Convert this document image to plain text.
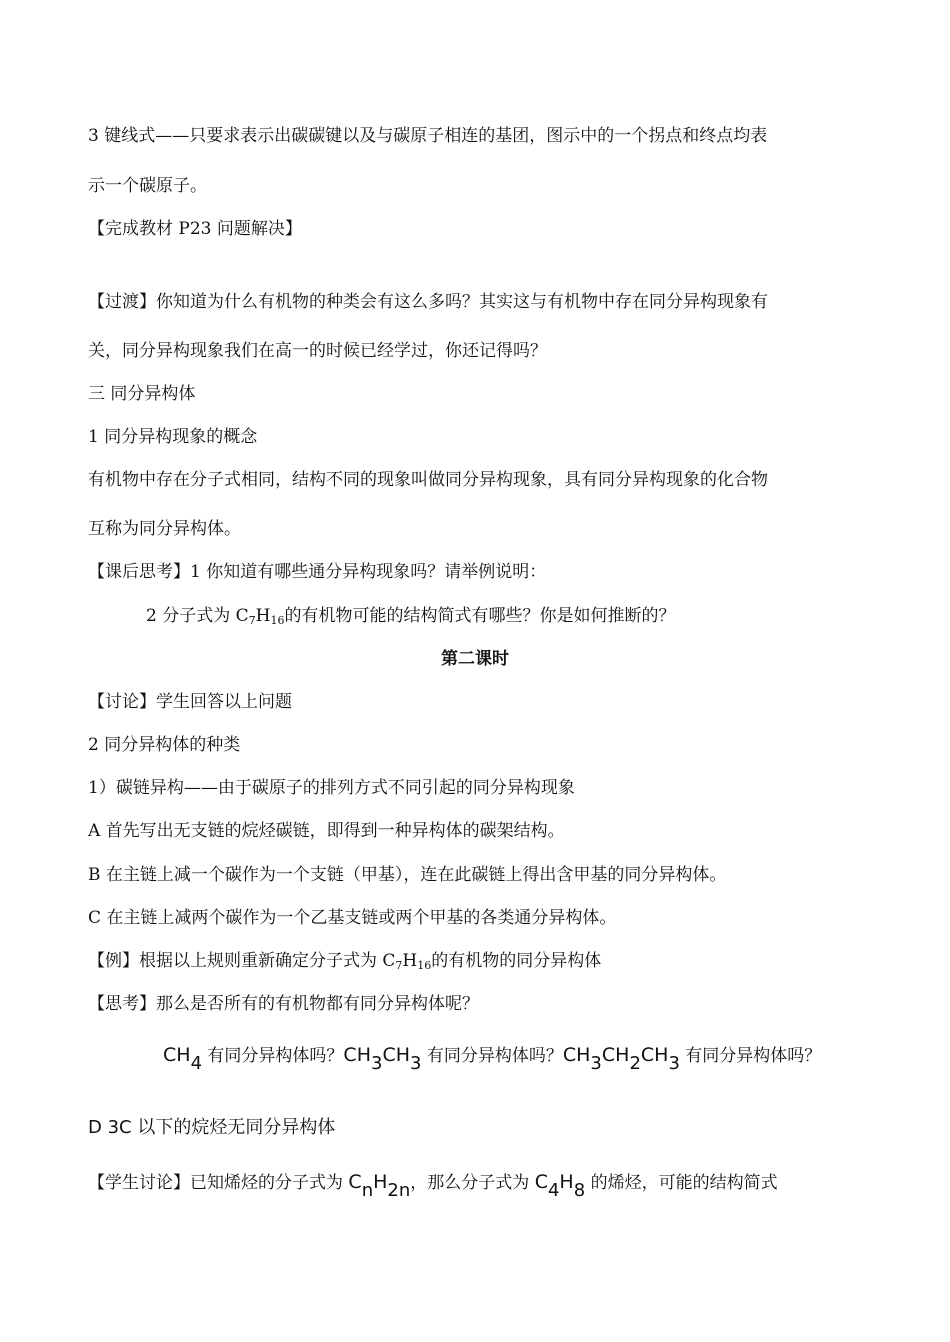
3 键线式——只要求表示出碳碳键以及与碳原子相连的基团，图示中的一个拐点和终点均表
示一个碳原子。
【完成教材 P23 问题解决】
【过渡】你知道为什么有机物的种类会有这么多吗？其实这与有机物中存在同分异构现象有
关，同分异构现象我们在高一的时候已经学过，你还记得吗？
三 同分异构体
1 同分异构现象的概念
有机物中存在分子式相同，结构不同的现象叫做同分异构现象，具有同分异构现象的化合物
互称为同分异构体。
【课后思考】1 你知道有哪些通分异构现象吗？请举例说明：
2 分子式为 C7H16的有机物可能的结构简式有哪些？你是如何推断的？
第二课时
【讨论】学生回答以上问题
2 同分异构体的种类
1）碳链异构——由于碳原子的排列方式不同引起的同分异构现象
A 首先写出无支链的烷烃碳链，即得到一种异构体的碳架结构。
B 在主链上减一个碳作为一个支链（甲基），连在此碳链上得出含甲基的同分异构体。
C 在主链上减两个碳作为一个乙基支链或两个甲基的各类通分异构体。
【例】根据以上规则重新确定分子式为 C7H16的有机物的同分异构体
【思考】那么是否所有的有机物都有同分异构体呢？
CH4 有同分异构体吗？CH3CH3 有同分异构体吗？CH3CH2CH3 有同分异构体吗？
D 3C 以下的烷烃无同分异构体
【学生讨论】已知烯烃的分子式为 CnH2n，那么分子式为 C4H8 的烯烃，可能的结构简式
